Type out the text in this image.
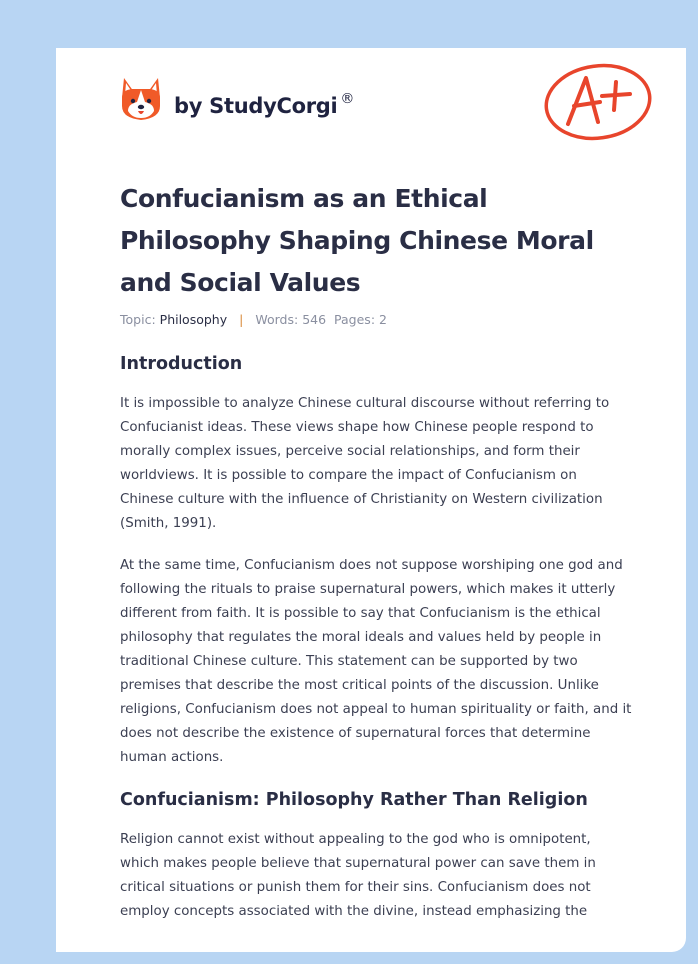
by StudyCorgi ®
Confucianism as an Ethical Philosophy Shaping Chinese Moral and Social Values
Topic: Philosophy | Words: 546 Pages: 2
Introduction

It is impossible to analyze Chinese cultural discourse without referring to Confucianist ideas. These views shape how Chinese people respond to morally complex issues, perceive social relationships, and form their worldviews. It is possible to compare the impact of Confucianism on Chinese culture with the influence of Christianity on Western civilization (Smith, 1991).

At the same time, Confucianism does not suppose worshiping one god and following the rituals to praise supernatural powers, which makes it utterly different from faith. It is possible to say that Confucianism is the ethical philosophy that regulates the moral ideals and values held by people in traditional Chinese culture. This statement can be supported by two premises that describe the most critical points of the discussion. Unlike religions, Confucianism does not appeal to human spirituality or faith, and it does not describe the existence of supernatural forces that determine human actions.

Confucianism: Philosophy Rather Than Religion

Religion cannot exist without appealing to the god who is omnipotent, which makes people believe that supernatural power can save them in critical situations or punish them for their sins. Confucianism does not employ concepts associated with the divine, instead emphasizing the
